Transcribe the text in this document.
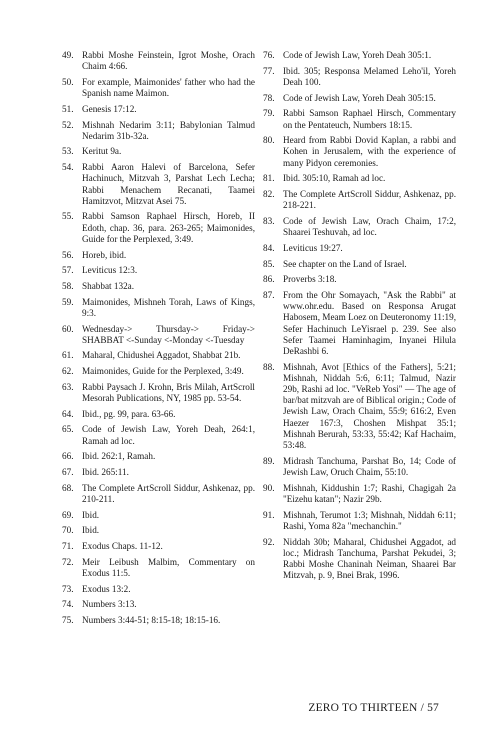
49. Rabbi Moshe Feinstein, Igrot Moshe, Orach Chaim 4:66.
50. For example, Maimonides' father who had the Spanish name Maimon.
51. Genesis 17:12.
52. Mishnah Nedarim 3:11; Babylonian Talmud Nedarim 31b-32a.
53. Keritut 9a.
54. Rabbi Aaron Halevi of Barcelona, Sefer Hachinuch, Mitzvah 3, Parshat Lech Lecha; Rabbi Menachem Recanati, Taamei Hamitzvot, Mitzvat Asei 75.
55. Rabbi Samson Raphael Hirsch, Horeb, II Edoth, chap. 36, para. 263-265; Maimonides, Guide for the Perplexed, 3:49.
56. Horeb, ibid.
57. Leviticus 12:3.
58. Shabbat 132a.
59. Maimonides, Mishneh Torah, Laws of Kings, 9:3.
60. Wednesday-> Thursday-> Friday-> SHABBAT <-Sunday <-Monday <-Tuesday
61. Maharal, Chidushei Aggadot, Shabbat 21b.
62. Maimonides, Guide for the Perplexed, 3:49.
63. Rabbi Paysach J. Krohn, Bris Milah, ArtScroll Mesorah Publications, NY, 1985 pp. 53-54.
64. Ibid., pg. 99, para. 63-66.
65. Code of Jewish Law, Yoreh Deah, 264:1, Ramah ad loc.
66. Ibid. 262:1, Ramah.
67. Ibid. 265:11.
68. The Complete ArtScroll Siddur, Ashkenaz, pp. 210-211.
69. Ibid.
70. Ibid.
71. Exodus Chaps. 11-12.
72. Meir Leibush Malbim, Commentary on Exodus 11:5.
73. Exodus 13:2.
74. Numbers 3:13.
75. Numbers 3:44-51; 8:15-18; 18:15-16.
76. Code of Jewish Law, Yoreh Deah 305:1.
77. Ibid. 305; Responsa Melamed Leho'il, Yoreh Deah 100.
78. Code of Jewish Law, Yoreh Deah 305:15.
79. Rabbi Samson Raphael Hirsch, Commentary on the Pentateuch, Numbers 18:15.
80. Heard from Rabbi Dovid Kaplan, a rabbi and Kohen in Jerusalem, with the experience of many Pidyon ceremonies.
81. Ibid. 305:10, Ramah ad loc.
82. The Complete ArtScroll Siddur, Ashkenaz, pp. 218-221.
83. Code of Jewish Law, Orach Chaim, 17:2, Shaarei Teshuvah, ad loc.
84. Leviticus 19:27.
85. See chapter on the Land of Israel.
86. Proverbs 3:18.
87. From the Ohr Somayach, "Ask the Rabbi" at www.ohr.edu. Based on Responsa Arugat Habosem, Meam Loez on Deuteronomy 11:19, Sefer Hachinuch LeYisrael p. 239. See also Sefer Taamei Haminhagim, Inyanei Hilula DeRashbi 6.
88. Mishnah, Avot [Ethics of the Fathers], 5:21; Mishnah, Niddah 5:6, 6:11; Talmud, Nazir 29b, Rashi ad loc. "VeReb Yosi" — The age of bar/bat mitzvah are of Biblical origin.; Code of Jewish Law, Orach Chaim, 55:9; 616:2, Even Haezer 167:3, Choshen Mishpat 35:1; Mishnah Berurah, 53:33, 55:42; Kaf Hachaim, 53:48.
89. Midrash Tanchuma, Parshat Bo, 14; Code of Jewish Law, Oruch Chaim, 55:10.
90. Mishnah, Kiddushin 1:7; Rashi, Chagigah 2a "Eizehu katan"; Nazir 29b.
91. Mishnah, Terumot 1:3; Mishnah, Niddah 6:11; Rashi, Yoma 82a "mechanchin."
92. Niddah 30b; Maharal, Chidushei Aggadot, ad loc.; Midrash Tanchuma, Parshat Pekudei, 3; Rabbi Moshe Chaninah Neiman, Shaarei Bar Mitzvah, p. 9, Bnei Brak, 1996.
ZERO TO THIRTEEN / 57
